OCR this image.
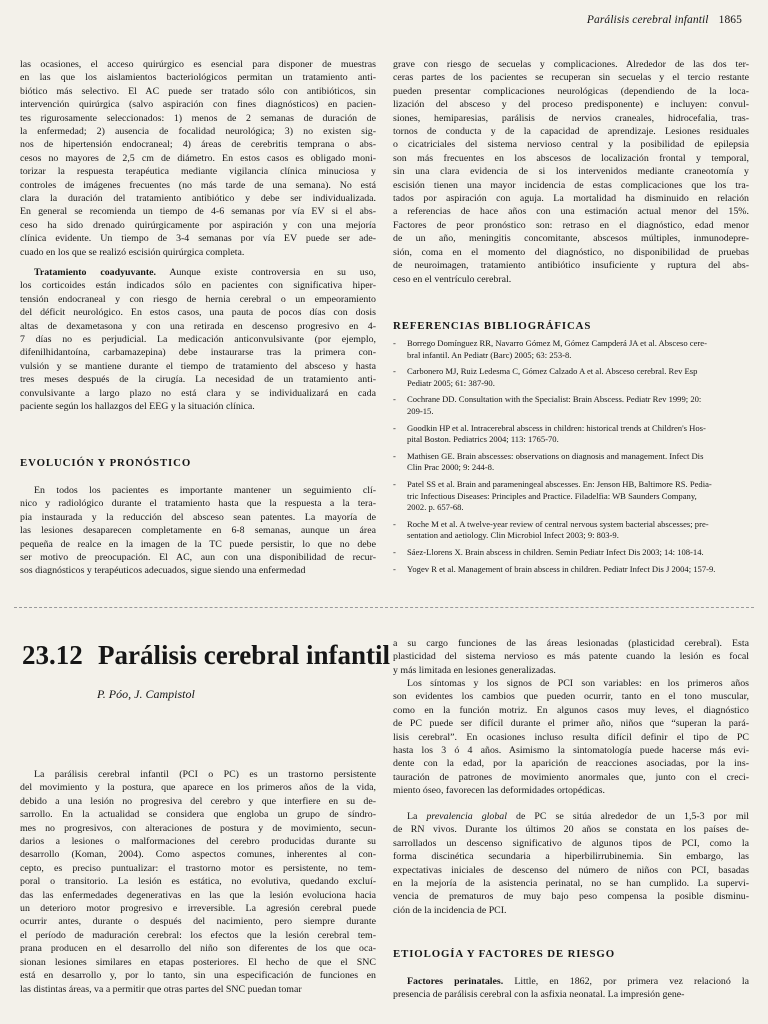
Parálisis cerebral infantil 1865
las ocasiones, el acceso quirúrgico es esencial para disponer de muestras
en las que los aislamientos bacteriológicos permitan un tratamiento anti-
biótico más selectivo. El AC puede ser tratado sólo con antibióticos, sin
intervención quirúrgica (salvo aspiración con fines diagnósticos) en pacien-
tes rigurosamente seleccionados: 1) menos de 2 semanas de duración de
la enfermedad; 2) ausencia de focalidad neurológica; 3) no existen sig-
nos de hipertensión endocraneal; 4) áreas de cerebritis temprana o abs-
cesos no mayores de 2,5 cm de diámetro. En estos casos es obligado moni-
torizar la respuesta terapéutica mediante vigilancia clínica minuciosa y
controles de imágenes frecuentes (no más tarde de una semana). No está
clara la duración del tratamiento antibiótico y debe ser individualizada.
En general se recomienda un tiempo de 4-6 semanas por vía EV si el abs-
ceso ha sido drenado quirúrgicamente por aspiración y con una mejoría
clínica evidente. Un tiempo de 3-4 semanas por vía EV puede ser ade-
cuado en los que se realizó escisión quirúrgica completa.
Tratamiento coadyuvante. Aunque existe controversia en su uso,
los corticoides están indicados sólo en pacientes con significativa hiper-
tensión endocraneal y con riesgo de hernia cerebral o un empeoramiento
del déficit neurológico. En estos casos, una pauta de pocos días con dosis
altas de dexametasona y con una retirada en descenso progresivo en 4-
7 días no es perjudicial. La medicación anticonvulsivante (por ejemplo,
difenilhidantoína, carbamazepina) debe instaurarse tras la primera con-
vulsión y se mantiene durante el tiempo de tratamiento del absceso y hasta
tres meses después de la cirugía. La necesidad de un tratamiento anti-
convulsivante a largo plazo no está clara y se individualizará en cada
paciente según los hallazgos del EEG y la situación clínica.
EVOLUCIÓN Y PRONÓSTICO
En todos los pacientes es importante mantener un seguimiento clí-
nico y radiológico durante el tratamiento hasta que la respuesta a la tera-
pia instaurada y la reducción del absceso sean patentes. La mayoría de
las lesiones desaparecen completamente en 6-8 semanas, aunque un área
pequeña de realce en la imagen de la TC puede persistir, lo que no debe
ser motivo de preocupación. El AC, aun con una disponibilidad de recur-
sos diagnósticos y terapéuticos adecuados, sigue siendo una enfermedad
grave con riesgo de secuelas y complicaciones. Alrededor de las dos ter-
ceras partes de los pacientes se recuperan sin secuelas y el tercio restante
pueden presentar complicaciones neurológicas (dependiendo de la loca-
lización del absceso y del proceso predisponente) e incluyen: convul-
siones, hemiparesias, parálisis de nervios craneales, hidrocefalia, tras-
tornos de conducta y de la capacidad de aprendizaje. Lesiones residuales
o cicatriciales del sistema nervioso central y la posibilidad de epilepsia
son más frecuentes en los abscesos de localización frontal y temporal,
sin una clara evidencia de si los intervenidos mediante craneotomía y
escisión tienen una mayor incidencia de estas complicaciones que los tra-
tados por aspiración con aguja. La mortalidad ha disminuido en relación
a referencias de hace años con una estimación actual menor del 15%.
Factores de peor pronóstico son: retraso en el diagnóstico, edad menor
de un año, meningitis concomitante, abscesos múltiples, inmunodepre-
sión, coma en el momento del diagnóstico, no disponibilidad de pruebas
de neuroimagen, tratamiento antibiótico insuficiente y ruptura del abs-
ceso en el ventrículo cerebral.
REFERENCIAS BIBLIOGRÁFICAS
- Borrego Domínguez RR, Navarro Gómez M, Gómez Campderá JA et al. Absceso cere-
bral infantil. An Pediatr (Barc) 2005; 63: 253-8.
- Carbonero MJ, Ruiz Ledesma C, Gómez Calzado A et al. Absceso cerebral. Rev Esp
Pediatr 2005; 61: 387-90.
- Cochrane DD. Consultation with the Specialist: Brain Abscess. Pediatr Rev 1999; 20:
209-15.
- Goodkin HP et al. Intracerebral abscess in children: historical trends at Children's Hos-
pital Boston. Pediatrics 2004; 113: 1765-70.
- Mathisen GE. Brain abscesses: observations on diagnosis and management. Infect Dis
Clin Prac 2000; 9: 244-8.
- Patel SS et al. Brain and parameningeal abscesses. En: Jenson HB, Baltimore RS. Pedia-
tric Infectious Diseases: Principles and Practice. Filadelfia: WB Saunders Company,
2002. p. 657-68.
- Roche M et al. A twelve-year review of central nervous system bacterial abscesses; pre-
sentation and aetiology. Clin Microbiol Infect 2003; 9: 803-9.
- Sáez-Llorens X. Brain abscess in children. Semin Pediatr Infect Dis 2003; 14: 108-14.
- Yogev R et al. Management of brain abscess in children. Pediatr Infect Dis J 2004; 157-9.
23.12 Parálisis cerebral infantil
P. Póo, J. Campistol
La parálisis cerebral infantil (PCI o PC) es un trastorno persistente
del movimiento y la postura, que aparece en los primeros años de la vida,
debido a una lesión no progresiva del cerebro y que interfiere en su de-
sarrollo. En la actualidad se considera que engloba un grupo de síndro-
mes no progresivos, con alteraciones de postura y de movimiento, secun-
darios a lesiones o malformaciones del cerebro producidas durante su
desarrollo (Koman, 2004). Como aspectos comunes, inherentes al con-
cepto, es preciso puntualizar: el trastorno motor es persistente, no tem-
poral o transitorio. La lesión es estática, no evolutiva, quedando excluí-
das las enfermedades degenerativas en las que la lesión evoluciona hacia
un deterioro motor progresivo e irreversible. La agresión cerebral puede
ocurrir antes, durante o después del nacimiento, pero siempre durante
el período de maduración cerebral: los efectos que la lesión cerebral tem-
prana producen en el desarrollo del niño son diferentes de los que oca-
sionan lesiones similares en etapas posteriores. El hecho de que el SNC
está en desarrollo y, por lo tanto, sin una especificación de funciones en
las distintas áreas, va a permitir que otras partes del SNC puedan tomar
a su cargo funciones de las áreas lesionadas (plasticidad cerebral). Esta
plasticidad del sistema nervioso es más patente cuando la lesión es focal
y más limitada en lesiones generalizadas.
Los síntomas y los signos de PCI son variables: en los primeros años
son evidentes los cambios que pueden ocurrir, tanto en el tono muscular,
como en la función motriz. En algunos casos muy leves, el diagnóstico
de PC puede ser difícil durante el primer año, niños que “superan la pará-
lisis cerebral”. En ocasiones incluso resulta difícil definir el tipo de PC
hasta los 3 ó 4 años. Asimismo la sintomatología puede hacerse más evi-
dente con la edad, por la aparición de reacciones asociadas, por la ins-
tauración de patrones de movimiento anormales que, junto con el creci-
miento óseo, favorecen las deformidades ortopédicas.
La prevalencia global de PC se sitúa alrededor de un 1,5-3 por mil
de RN vivos. Durante los últimos 20 años se constata en los países de-
sarrollados un descenso significativo de algunos tipos de PCI, como la
forma discinética secundaria a hiperbilirrubinemia. Sin embargo, las
expectativas iniciales de descenso del número de niños con PCI, basadas
en la mejoría de la asistencia perinatal, no se han cumplido. La supervi-
vencia de prematuros de muy bajo peso compensa la posible disminu-
ción de la incidencia de PCI.
ETIOLOGÍA Y FACTORES DE RIESGO
Factores perinatales. Little, en 1862, por primera vez relacionó la
presencia de parálisis cerebral con la asfixia neonatal. La impresión gene-
